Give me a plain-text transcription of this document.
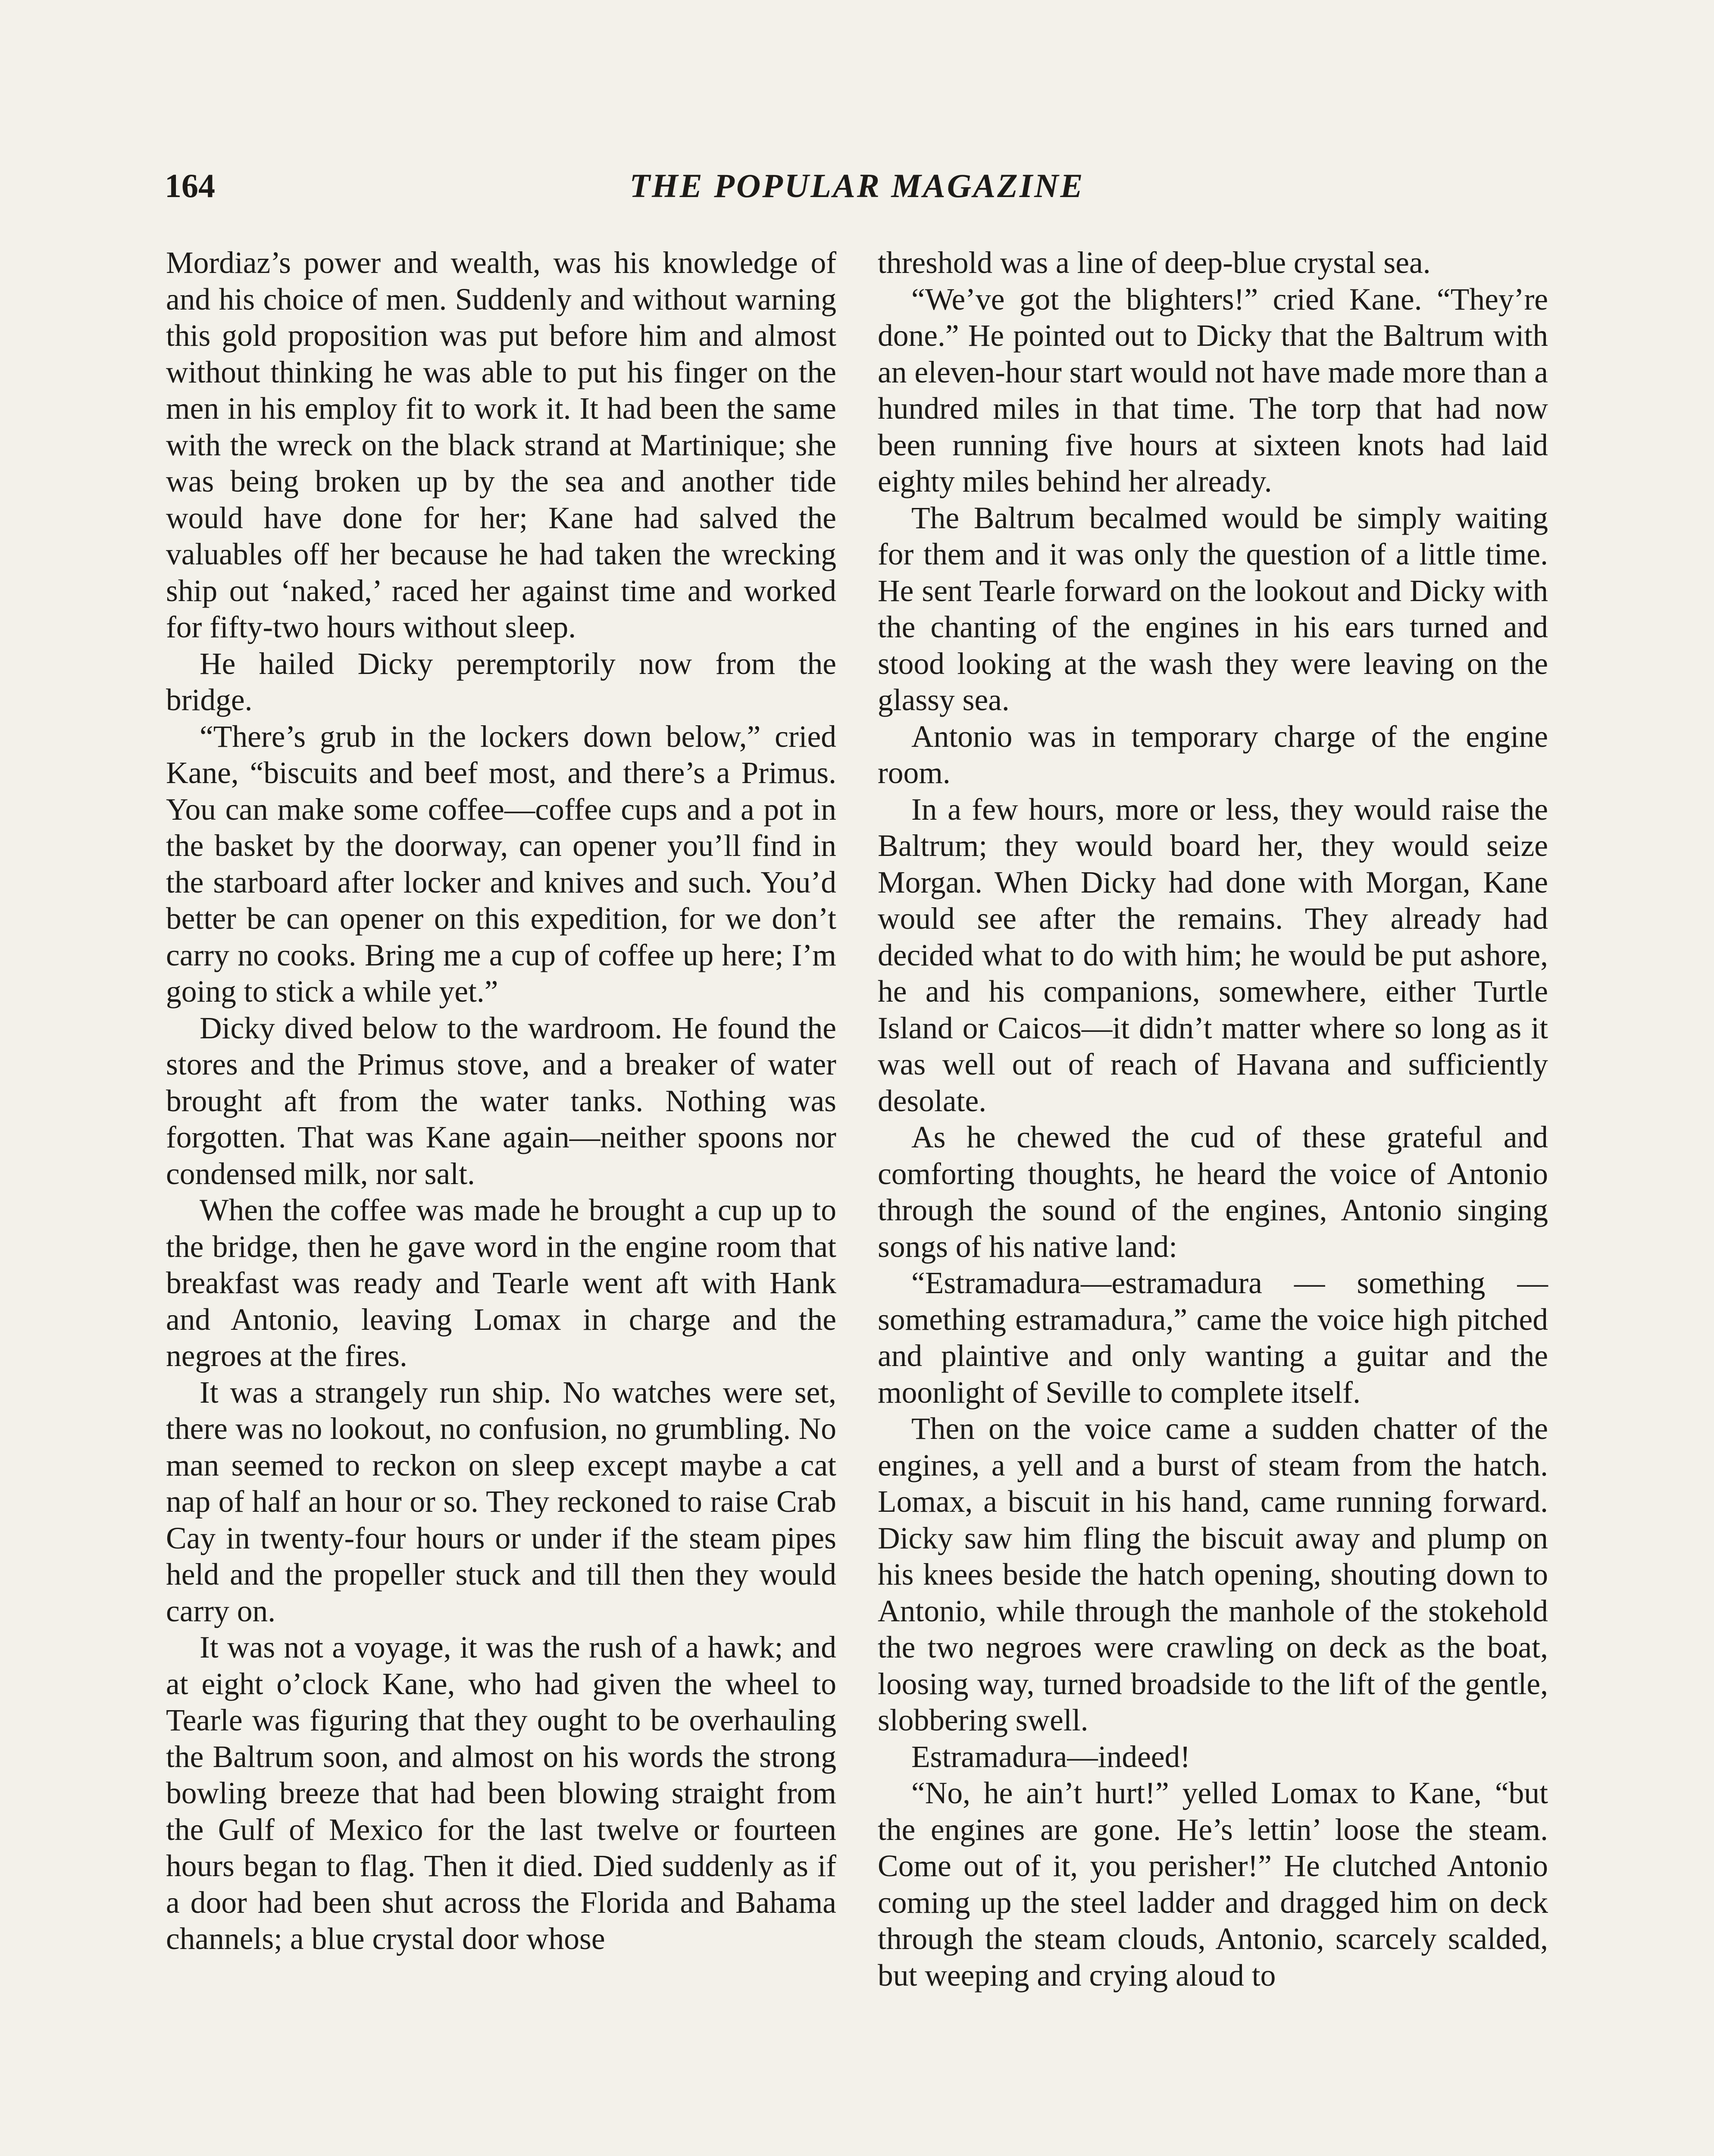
164	THE POPULAR MAGAZINE

Mordiaz’s power and wealth, was his knowledge of and his choice of men. Suddenly and without warning this gold proposition was put before him and almost without thinking he was able to put his finger on the men in his employ fit to work it. It had been the same with the wreck on the black strand at Martinique; she was being broken up by the sea and another tide would have done for her; Kane had salved the valuables off her because he had taken the wrecking ship out ‘naked,’ raced her against time and worked for fifty-two hours without sleep.

He hailed Dicky peremptorily now from the bridge.

“There’s grub in the lockers down below,” cried Kane, “biscuits and beef most, and there’s a Primus. You can make some coffee—coffee cups and a pot in the basket by the doorway, can opener you’ll find in the starboard after locker and knives and such. You’d better be can opener on this expedition, for we don’t carry no cooks. Bring me a cup of coffee up here; I’m going to stick a while yet.”

Dicky dived below to the wardroom. He found the stores and the Primus stove, and a breaker of water brought aft from the water tanks. Nothing was forgotten. That was Kane again—neither spoons nor condensed milk, nor salt.

When the coffee was made he brought a cup up to the bridge, then he gave word in the engine room that breakfast was ready and Tearle went aft with Hank and Antonio, leaving Lomax in charge and the negroes at the fires.

It was a strangely run ship. No watches were set, there was no lookout, no confusion, no grumbling. No man seemed to reckon on sleep except maybe a cat nap of half an hour or so. They reckoned to raise Crab Cay in twenty-four hours or under if the steam pipes held and the propeller stuck and till then they would carry on.

It was not a voyage, it was the rush of a hawk; and at eight o’clock Kane, who had given the wheel to Tearle was figuring that they ought to be overhauling the Baltrum soon, and almost on his words the strong bowling breeze that had been blowing straight from the Gulf of Mexico for the last twelve or fourteen hours began to flag. Then it died. Died suddenly as if a door had been shut across the Florida and Bahama channels; a blue crystal door whose

threshold was a line of deep-blue crystal sea.

“We’ve got the blighters!” cried Kane. “They’re done.” He pointed out to Dicky that the Baltrum with an eleven-hour start would not have made more than a hundred miles in that time. The torp that had now been running five hours at sixteen knots had laid eighty miles behind her already.

The Baltrum becalmed would be simply waiting for them and it was only the question of a little time. He sent Tearle forward on the lookout and Dicky with the chanting of the engines in his ears turned and stood looking at the wash they were leaving on the glassy sea.

Antonio was in temporary charge of the engine room.

In a few hours, more or less, they would raise the Baltrum; they would board her, they would seize Morgan. When Dicky had done with Morgan, Kane would see after the remains. They already had decided what to do with him; he would be put ashore, he and his companions, somewhere, either Turtle Island or Caicos—it didn’t matter where so long as it was well out of reach of Havana and sufficiently desolate.

As he chewed the cud of these grateful and comforting thoughts, he heard the voice of Antonio through the sound of the engines, Antonio singing songs of his native land:

“Estramadura—estramadura — something —something estramadura,” came the voice high pitched and plaintive and only wanting a guitar and the moonlight of Seville to complete itself.

Then on the voice came a sudden chatter of the engines, a yell and a burst of steam from the hatch. Lomax, a biscuit in his hand, came running forward. Dicky saw him fling the biscuit away and plump on his knees beside the hatch opening, shouting down to Antonio, while through the manhole of the stokehold the two negroes were crawling on deck as the boat, loosing way, turned broadside to the lift of the gentle, slobbering swell.

Estramadura—indeed!

“No, he ain’t hurt!” yelled Lomax to Kane, “but the engines are gone. He’s lettin’ loose the steam. Come out of it, you perisher!” He clutched Antonio coming up the steel ladder and dragged him on deck through the steam clouds, Antonio, scarcely scalded, but weeping and crying aloud to
